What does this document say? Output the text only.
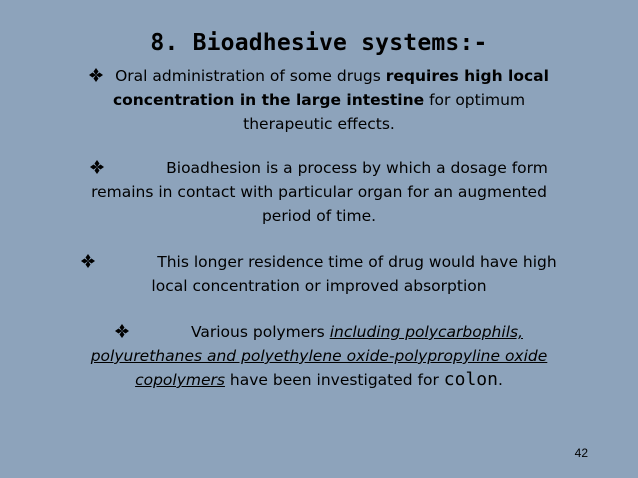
8. Bioadhesive systems:-
Oral administration of some drugs requires high local concentration in the large intestine for optimum therapeutic effects.
Bioadhesion is a process by which a dosage form remains in contact with particular organ for an augmented period of time.
This longer residence time of drug would have high local concentration or improved absorption
Various polymers including polycarbophils, polyurethanes and polyethylene oxide-polypropyline oxide copolymers have been investigated for colon.
42
